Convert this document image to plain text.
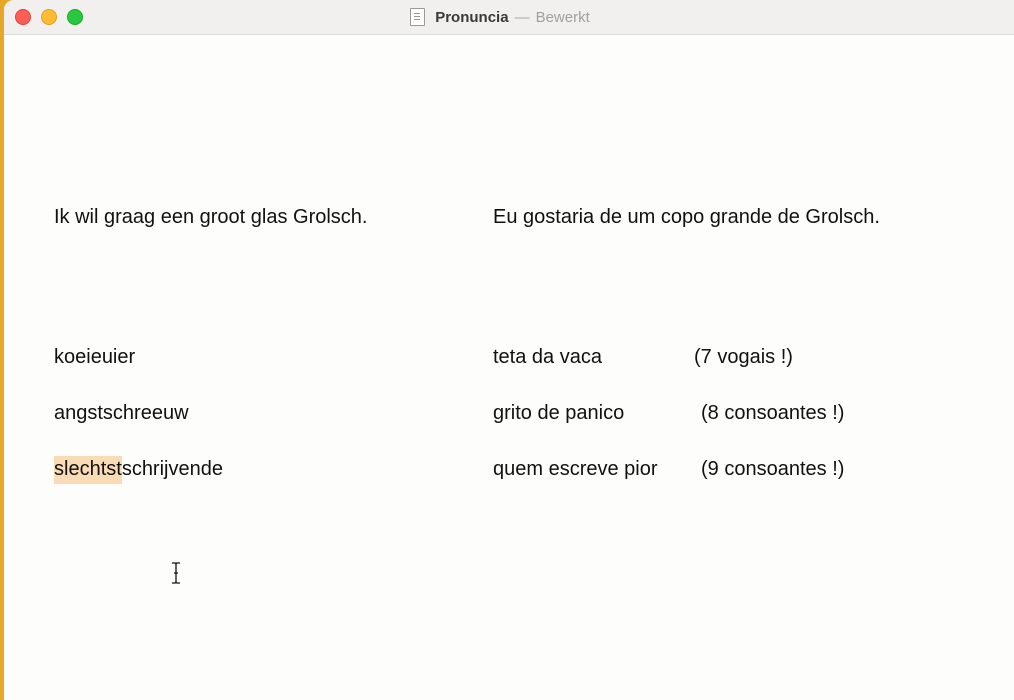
Pronuncia — Bewerkt
Ik wil graag een groot glas Grolsch.	Eu gostaria de um copo grande de Grolsch.
koeieuier	teta da vaca	(7 vogais !)
angstschreeuw	grito de panico	(8 consoantes !)
slechtstschrijvende	quem escreve pior (9 consoantes !)
